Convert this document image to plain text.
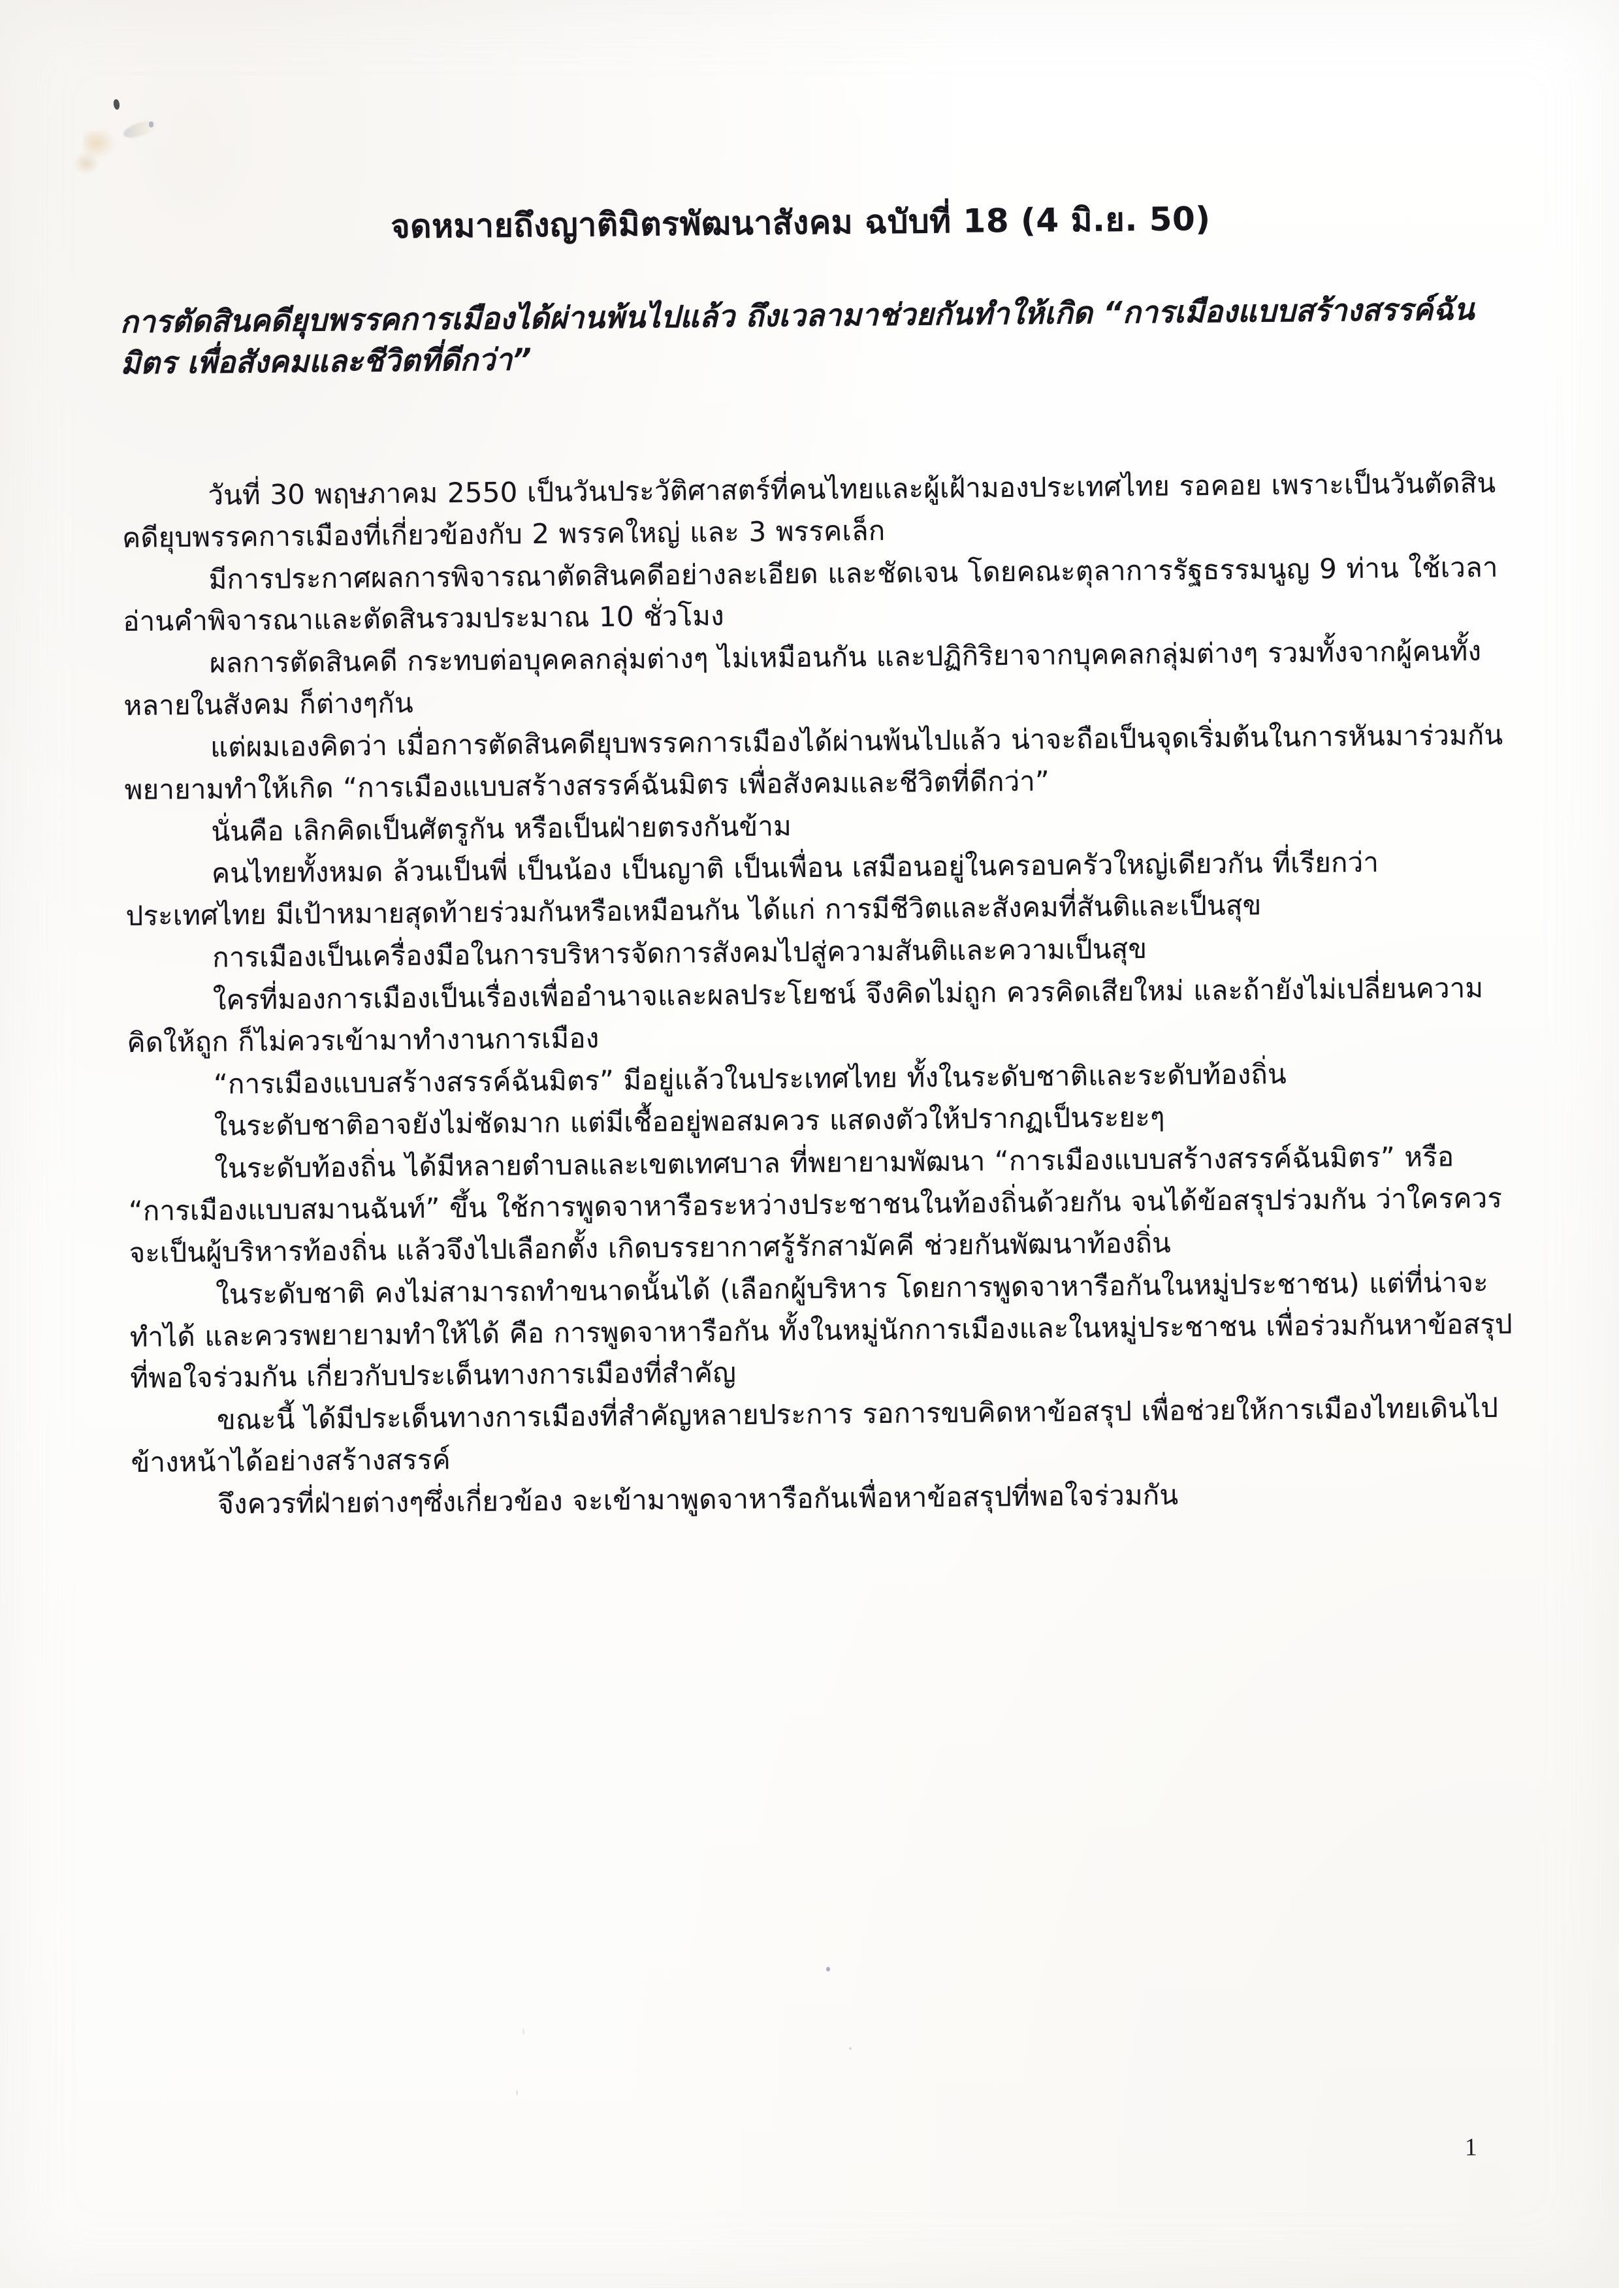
จดหมายถึงญาติมิตรพัฒนาสังคม ฉบับที่ 18 (4 มิ.ย. 50)
การตัดสินคดียุบพรรคการเมืองได้ผ่านพ้นไปแล้ว ถึงเวลามาช่วยกันทำให้เกิด “การเมืองแบบสร้างสรรค์ฉันมิตร เพื่อสังคมและชีวิตที่ดีกว่า”

วันที่ 30 พฤษภาคม 2550 เป็นวันประวัติศาสตร์ที่คนไทยและผู้เฝ้ามองประเทศไทย รอคอย เพราะเป็นวันตัดสินคดียุบพรรคการเมืองที่เกี่ยวข้องกับ 2 พรรคใหญ่ และ 3 พรรคเล็ก

มีการประกาศผลการพิจารณาตัดสินคดีอย่างละเอียด และชัดเจน โดยคณะตุลาการรัฐธรรมนูญ 9 ท่าน ใช้เวลาอ่านคำพิจารณาและตัดสินรวมประมาณ 10 ชั่วโมง

ผลการตัดสินคดี กระทบต่อบุคคลกลุ่มต่างๆ ไม่เหมือนกัน และปฏิกิริยาจากบุคคลกลุ่มต่างๆ รวมทั้งจากผู้คนทั้งหลายในสังคม ก็ต่างๆกัน

แต่ผมเองคิดว่า เมื่อการตัดสินคดียุบพรรคการเมืองได้ผ่านพ้นไปแล้ว น่าจะถือเป็นจุดเริ่มต้นในการหันมาร่วมกันพยายามทำให้เกิด “การเมืองแบบสร้างสรรค์ฉันมิตร เพื่อสังคมและชีวิตที่ดีกว่า”

นั่นคือ เลิกคิดเป็นศัตรูกัน หรือเป็นฝ่ายตรงกันข้าม

คนไทยทั้งหมด ล้วนเป็นพี่ เป็นน้อง เป็นญาติ เป็นเพื่อน เสมือนอยู่ในครอบครัวใหญ่เดียวกัน ที่เรียกว่า ประเทศไทย มีเป้าหมายสุดท้ายร่วมกันหรือเหมือนกัน ได้แก่ การมีชีวิตและสังคมที่สันติและเป็นสุข

การเมืองเป็นเครื่องมือในการบริหารจัดการสังคมไปสู่ความสันติและความเป็นสุข

ใครที่มองการเมืองเป็นเรื่องเพื่ออำนาจและผลประโยชน์ จึงคิดไม่ถูก ควรคิดเสียใหม่ และถ้ายังไม่เปลี่ยนความคิดให้ถูก ก็ไม่ควรเข้ามาทำงานการเมือง

“การเมืองแบบสร้างสรรค์ฉันมิตร” มีอยู่แล้วในประเทศไทย ทั้งในระดับชาติและระดับท้องถิ่น

ในระดับชาติอาจยังไม่ชัดมาก แต่มีเชื้ออยู่พอสมควร แสดงตัวให้ปรากฏเป็นระยะๆ

ในระดับท้องถิ่น ได้มีหลายตำบลและเขตเทศบาล ที่พยายามพัฒนา “การเมืองแบบสร้างสรรค์ฉันมิตร” หรือ “การเมืองแบบสมานฉันท์” ขึ้น ใช้การพูดจาหารือระหว่างประชาชนในท้องถิ่นด้วยกัน จนได้ข้อสรุปร่วมกัน ว่าใครควรจะเป็นผู้บริหารท้องถิ่น แล้วจึงไปเลือกตั้ง เกิดบรรยากาศรู้รักสามัคคี ช่วยกันพัฒนาท้องถิ่น

ในระดับชาติ คงไม่สามารถทำขนาดนั้นได้ (เลือกผู้บริหาร โดยการพูดจาหารือกันในหมู่ประชาชน) แต่ที่น่าจะทำได้ และควรพยายามทำให้ได้ คือ การพูดจาหารือกัน ทั้งในหมู่นักการเมืองและในหมู่ประชาชน เพื่อร่วมกันหาข้อสรุปที่พอใจร่วมกัน เกี่ยวกับประเด็นทางการเมืองที่สำคัญ

ขณะนี้ ได้มีประเด็นทางการเมืองที่สำคัญหลายประการ รอการขบคิดหาข้อสรุป เพื่อช่วยให้การเมืองไทยเดินไปข้างหน้าได้อย่างสร้างสรรค์

จึงควรที่ฝ่ายต่างๆซึ่งเกี่ยวข้อง จะเข้ามาพูดจาหารือกันเพื่อหาข้อสรุปที่พอใจร่วมกัน

1
